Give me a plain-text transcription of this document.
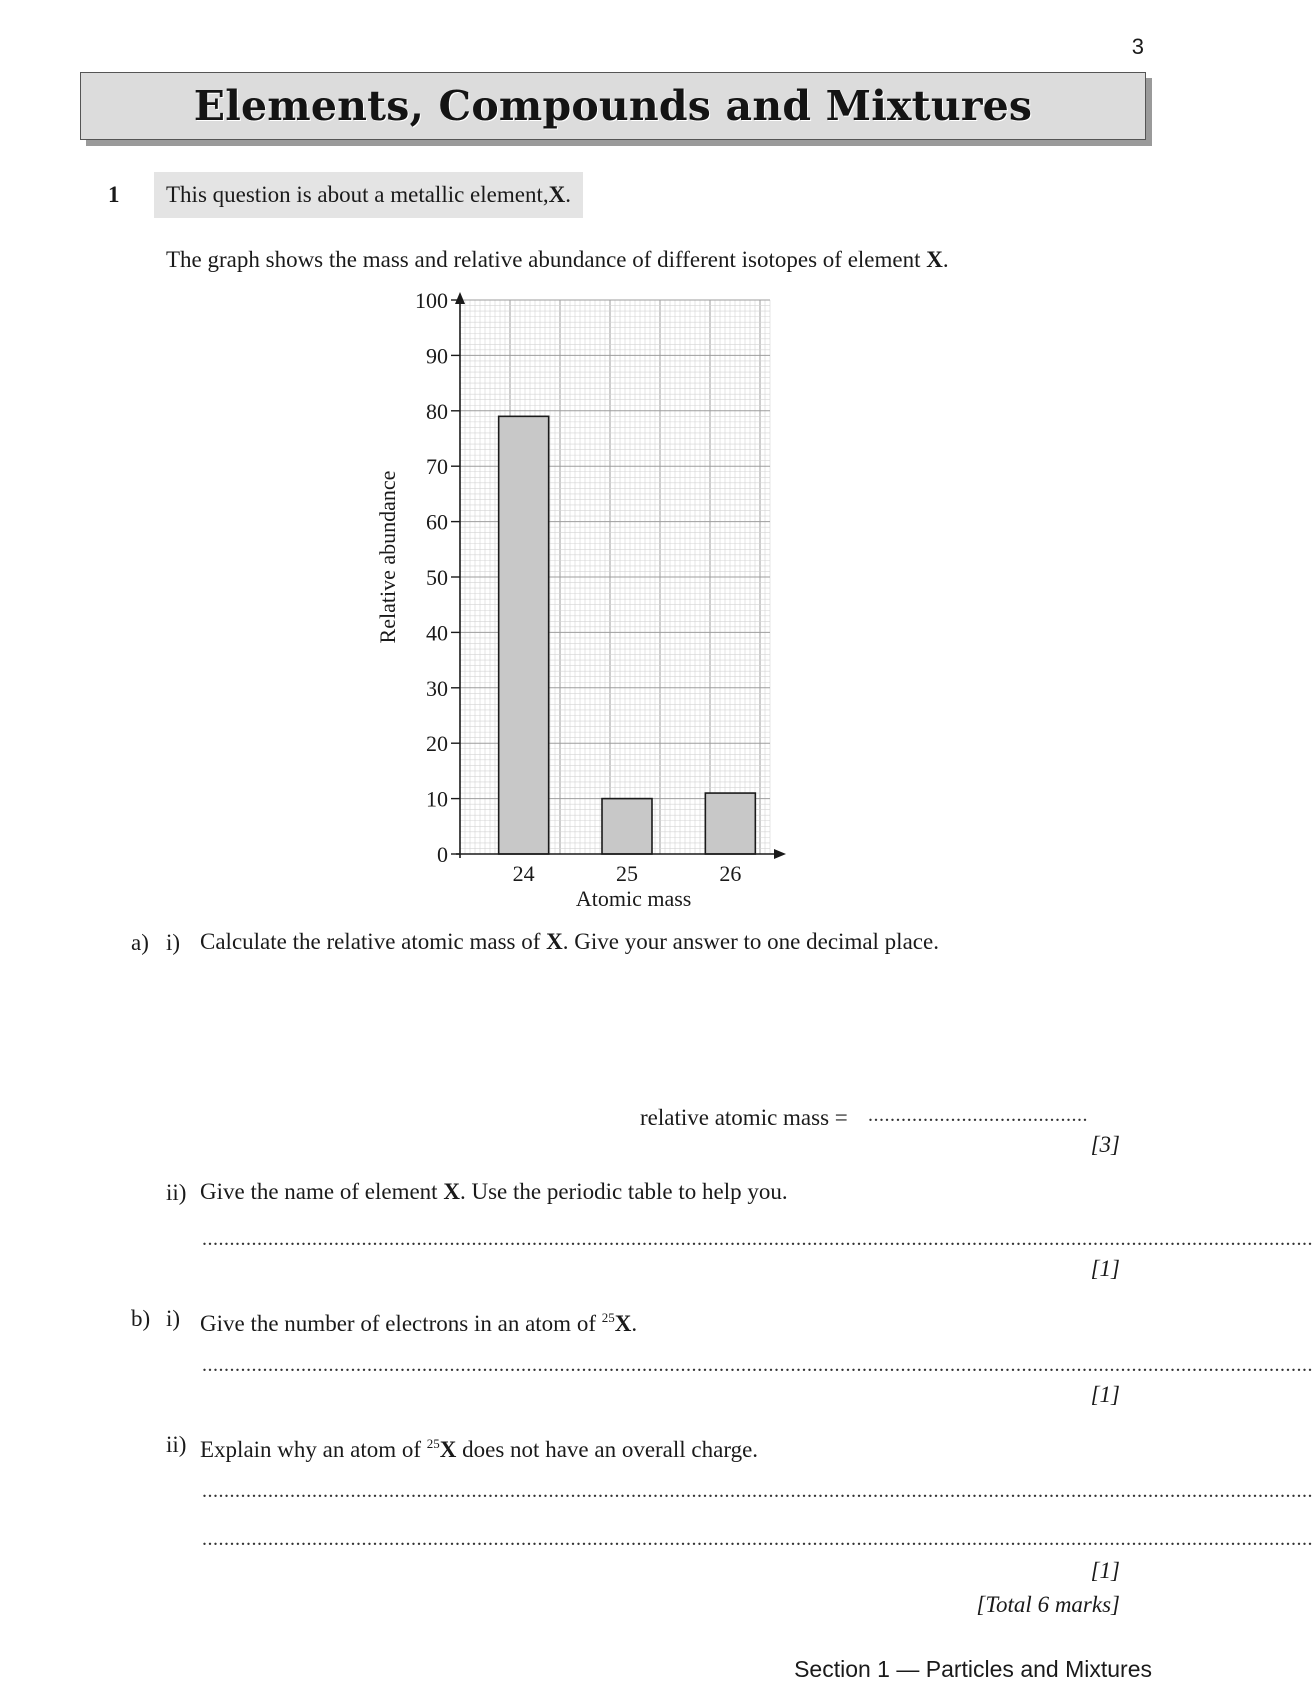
3
Elements, Compounds and Mixtures
1 This question is about a metallic element, X .
The graph shows the mass and relative abundance of different isotopes of element X.
0
10
20
30
40
50
60
70
80
90
100
24	25	26
Relative abundance
Atomic mass
a) i) Calculate the relative atomic mass of X. Give your answer to one decimal place.
relative atomic mass = ........................................
[3]
ii) Give the name of element X. Use the periodic table to help you.
..........................................................................................................................................................................................................
[1]
b) i) Give the number of electrons in an atom of $^{25}$X.
..........................................................................................................................................................................................................
[1]
ii) Explain why an atom of $^{25}$X does not have an overall charge.
..........................................................................................................................................................................................................
..........................................................................................................................................................................................................
[1]
[Total 6 marks]
Section 1 — Particles and Mixtures
